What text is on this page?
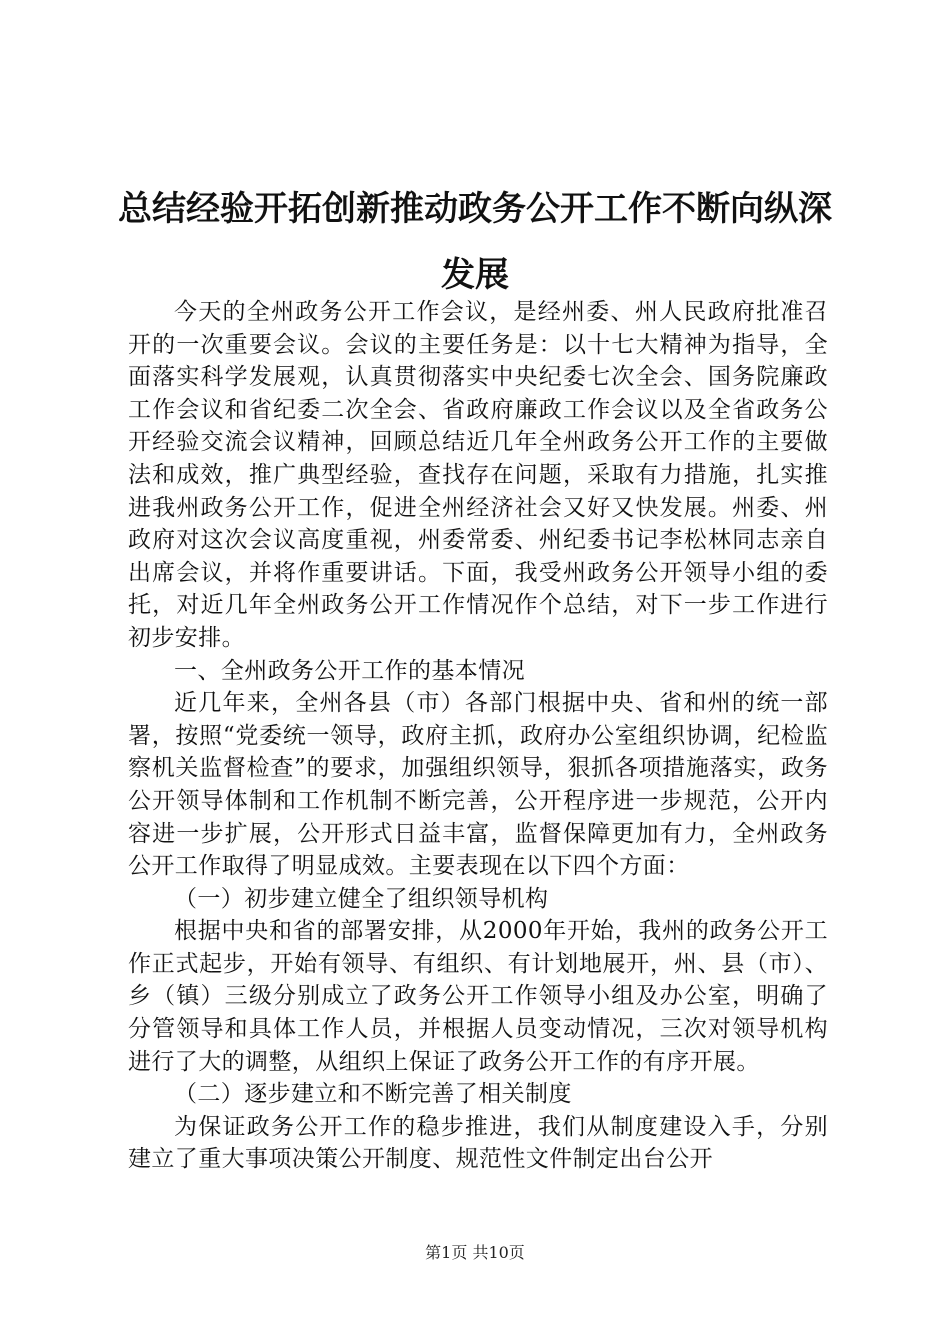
总结经验开拓创新推动政务公开工作不断向纵深发展

今天的全州政务公开工作会议，是经州委、州人民政府批准召开的一次重要会议。会议的主要任务是：以十七大精神为指导，全面落实科学发展观，认真贯彻落实中央纪委七次全会、国务院廉政工作会议和省纪委二次全会、省政府廉政工作会议以及全省政务公开经验交流会议精神，回顾总结近几年全州政务公开工作的主要做法和成效，推广典型经验，查找存在问题，采取有力措施，扎实推进我州政务公开工作，促进全州经济社会又好又快发展。州委、州政府对这次会议高度重视，州委常委、州纪委书记李松林同志亲自出席会议，并将作重要讲话。下面，我受州政务公开领导小组的委托，对近几年全州政务公开工作情况作个总结，对下一步工作进行初步安排。

一、全州政务公开工作的基本情况

近几年来，全州各县（市）各部门根据中央、省和州的统一部署，按照“党委统一领导，政府主抓，政府办公室组织协调，纪检监察机关监督检查”的要求，加强组织领导，狠抓各项措施落实，政务公开领导体制和工作机制不断完善，公开程序进一步规范，公开内容进一步扩展，公开形式日益丰富，监督保障更加有力，全州政务公开工作取得了明显成效。主要表现在以下四个方面：

（一）初步建立健全了组织领导机构

根据中央和省的部署安排，从2000年开始，我州的政务公开工作正式起步，开始有领导、有组织、有计划地展开，州、县（市）、乡（镇）三级分别成立了政务公开工作领导小组及办公室，明确了分管领导和具体工作人员，并根据人员变动情况，三次对领导机构进行了大的调整，从组织上保证了政务公开工作的有序开展。

（二）逐步建立和不断完善了相关制度

为保证政务公开工作的稳步推进，我们从制度建设入手，分别建立了重大事项决策公开制度、规范性文件制定出台公开

第1页 共10页
